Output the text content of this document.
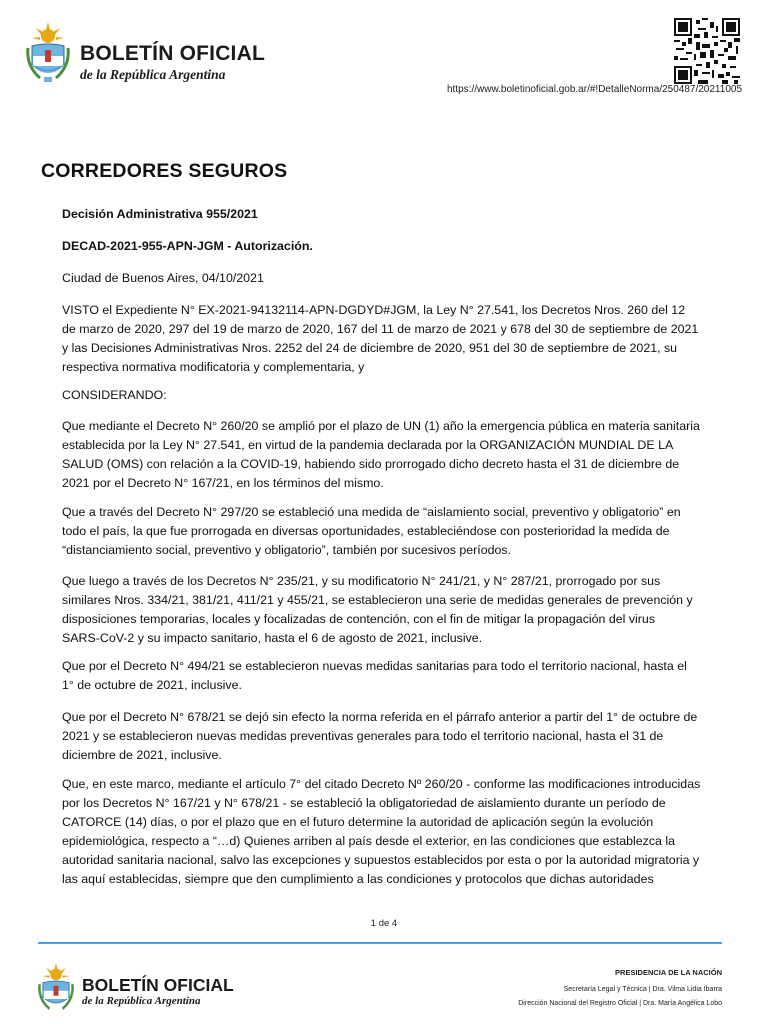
BOLETÍN OFICIAL
de la República Argentina
https://www.boletinoficial.gob.ar/#!DetalleNorma/250487/20211005
CORREDORES SEGUROS
Decisión Administrativa 955/2021
DECAD-2021-955-APN-JGM - Autorización.
Ciudad de Buenos Aires, 04/10/2021
VISTO el Expediente N° EX-2021-94132114-APN-DGDYD#JGM, la Ley N° 27.541, los Decretos Nros. 260 del 12
de marzo de 2020, 297 del 19 de marzo de 2020, 167 del 11 de marzo de 2021 y 678 del 30 de septiembre de 2021
y las Decisiones Administrativas Nros. 2252 del 24 de diciembre de 2020, 951 del 30 de septiembre de 2021, su
respectiva normativa modificatoria y complementaria, y
CONSIDERANDO:
Que mediante el Decreto N° 260/20 se amplió por el plazo de UN (1) año la emergencia pública en materia sanitaria
establecida por la Ley N° 27.541, en virtud de la pandemia declarada por la ORGANIZACIÓN MUNDIAL DE LA
SALUD (OMS) con relación a la COVID-19, habiendo sido prorrogado dicho decreto hasta el 31 de diciembre de
2021 por el Decreto N° 167/21, en los términos del mismo.
Que a través del Decreto N° 297/20 se estableció una medida de “aislamiento social, preventivo y obligatorio” en
todo el país, la que fue prorrogada en diversas oportunidades, estableciéndose con posterioridad la medida de
“distanciamiento social, preventivo y obligatorio”, también por sucesivos períodos.
Que luego a través de los Decretos N° 235/21, y su modificatorio N° 241/21, y N° 287/21, prorrogado por sus
similares Nros. 334/21, 381/21, 411/21 y 455/21, se establecieron una serie de medidas generales de prevención y
disposiciones temporarias, locales y focalizadas de contención, con el fin de mitigar la propagación del virus
SARS-CoV-2 y su impacto sanitario, hasta el 6 de agosto de 2021, inclusive.
Que por el Decreto N° 494/21 se establecieron nuevas medidas sanitarias para todo el territorio nacional, hasta el
1° de octubre de 2021, inclusive.
Que por el Decreto N° 678/21 se dejó sin efecto la norma referida en el párrafo anterior a partir del 1° de octubre de
2021 y se establecieron nuevas medidas preventivas generales para todo el territorio nacional, hasta el 31 de
diciembre de 2021, inclusive.
Que, en este marco, mediante el artículo 7° del citado Decreto Nº 260/20 - conforme las modificaciones introducidas
por los Decretos N° 167/21 y N° 678/21 - se estableció la obligatoriedad de aislamiento durante un período de
CATORCE (14) días, o por el plazo que en el futuro determine la autoridad de aplicación según la evolución
epidemiológica, respecto a “…d) Quienes arriben al país desde el exterior, en las condiciones que establezca la
autoridad sanitaria nacional, salvo las excepciones y supuestos establecidos por esta o por la autoridad migratoria y
las aquí establecidas, siempre que den cumplimiento a las condiciones y protocolos que dichas autoridades
1 de 4
BOLETÍN OFICIAL
de la República Argentina
PRESIDENCIA DE LA NACIÓN
Secretaría Legal y Técnica | Dra. Vilma Lidia Ibarra
Dirección Nacional del Registro Oficial | Dra. María Angélica Lobo
